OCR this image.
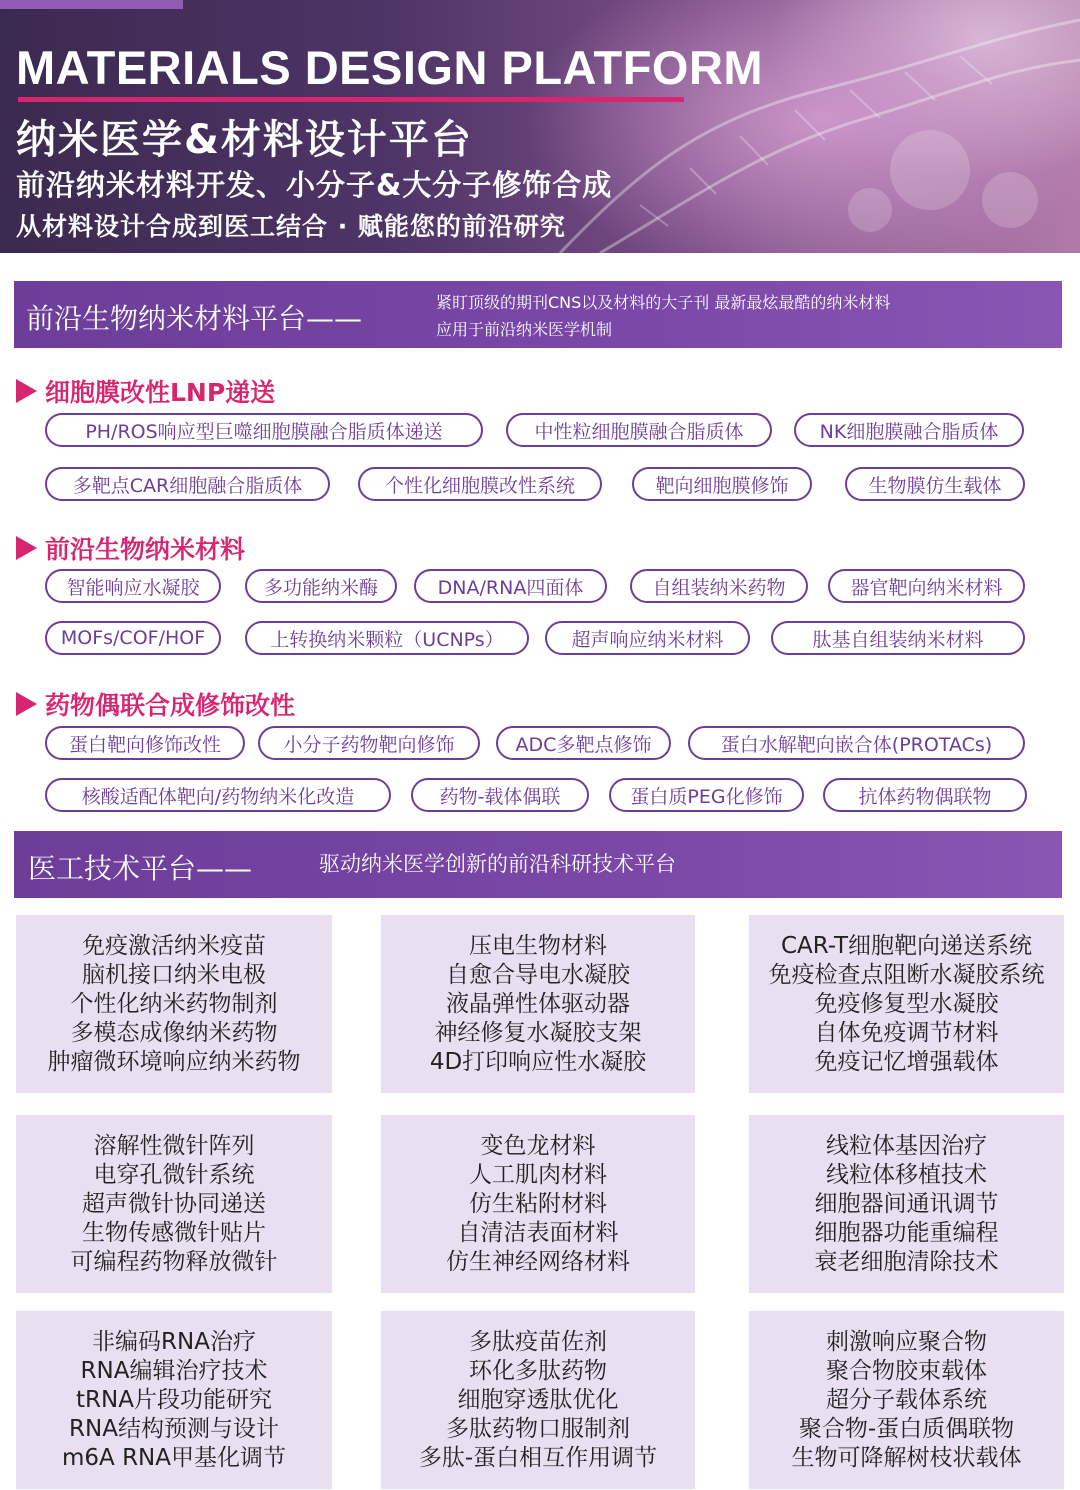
MATERIALS DESIGN PLATFORM
纳米医学&材料设计平台

前沿纳米材料开发、小分子&大分子修饰合成

从材料设计合成到医工结合 · 赋能您的前沿研究

前沿生物纳米材料平台——	紧盯顶级的期刊CNS以及材料的大子刊 最新最炫最酷的纳米材料
应用于前沿纳米医学机制
细胞膜改性LNP递送
PH/ROS响应型巨噬细胞膜融合脂质体递送	中性粒细胞膜融合脂质体	NK细胞膜融合脂质体
多靶点CAR细胞融合脂质体	个性化细胞膜改性系统	靶向细胞膜修饰	生物膜仿生载体
前沿生物纳米材料
智能响应水凝胶	多功能纳米酶	DNA/RNA四面体	自组装纳米药物	器官靶向纳米材料
MOFs/COF/HOF	上转换纳米颗粒（UCNPs）	超声响应纳米材料	肽基自组装纳米材料
药物偶联合成修饰改性
蛋白靶向修饰改性	小分子药物靶向修饰	ADC多靶点修饰	蛋白水解靶向嵌合体(PROTACs)
核酸适配体靶向/药物纳米化改造	药物-载体偶联	蛋白质PEG化修饰	抗体药物偶联物
医工技术平台——	驱动纳米医学创新的前沿科研技术平台
免疫激活纳米疫苗
脑机接口纳米电极
个性化纳米药物制剂
多模态成像纳米药物
肿瘤微环境响应纳米药物
压电生物材料
自愈合导电水凝胶
液晶弹性体驱动器
神经修复水凝胶支架
4D打印响应性水凝胶
CAR-T细胞靶向递送系统
免疫检查点阻断水凝胶系统
免疫修复型水凝胶
自体免疫调节材料
免疫记忆增强载体
溶解性微针阵列
电穿孔微针系统
超声微针协同递送
生物传感微针贴片
可编程药物释放微针
变色龙材料
人工肌肉材料
仿生粘附材料
自清洁表面材料
仿生神经网络材料
线粒体基因治疗
线粒体移植技术
细胞器间通讯调节
细胞器功能重编程
衰老细胞清除技术
非编码RNA治疗
RNA编辑治疗技术
tRNA片段功能研究
RNA结构预测与设计
m6A RNA甲基化调节
多肽疫苗佐剂
环化多肽药物
细胞穿透肽优化
多肽药物口服制剂
多肽-蛋白相互作用调节
刺激响应聚合物
聚合物胶束载体
超分子载体系统
聚合物-蛋白质偶联物
生物可降解树枝状载体
